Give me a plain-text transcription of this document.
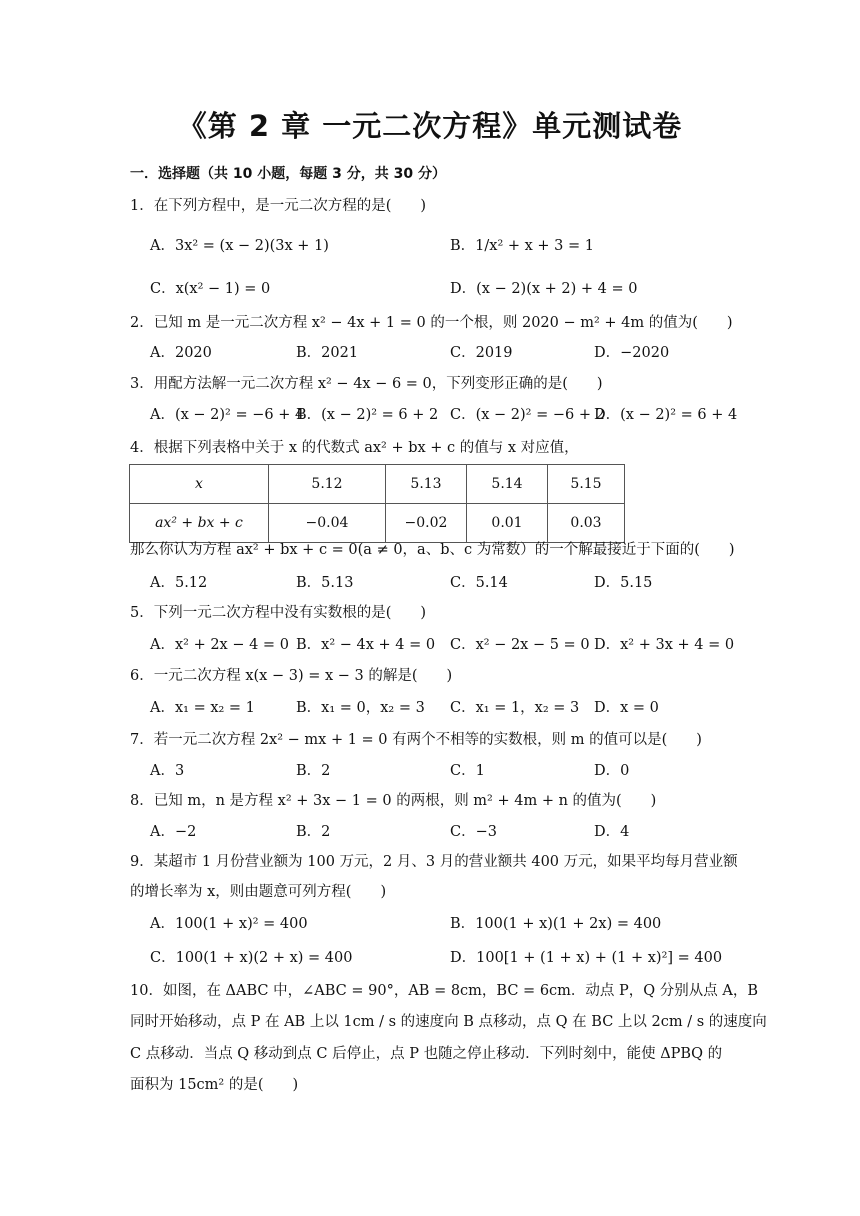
《第 2 章 一元二次方程》单元测试卷
一．选择题（共 10 小题，每题 3 分，共 30 分）
1．在下列方程中，是一元二次方程的是(　　)
A．3x² = (x − 2)(3x + 1)	B．1/x² + x + 3 = 1
C．x(x² − 1) = 0	D．(x − 2)(x + 2) + 4 = 0
2．已知 m 是一元二次方程 x² − 4x + 1 = 0 的一个根，则 2020 − m² + 4m 的值为(　　)
A．2020	B．2021	C．2019	D．−2020
3．用配方法解一元二次方程 x² − 4x − 6 = 0，下列变形正确的是(　　)
A．(x − 2)² = −6 + 4
B．(x − 2)² = 6 + 2 C．(x − 2)² = −6 + 2
D．(x − 2)² = 6 + 4
4．根据下列表格中关于 x 的代数式 ax² + bx + c 的值与 x 对应值，
x	5.12	5.13	5.14	5.15
ax² + bx + c	−0.04	−0.02	0.01	0.03
那么你认为方程 ax² + bx + c = 0(a ≠ 0，a、b、c 为常数）的一个解最接近于下面的(　　)
A．5.12	B．5.13	C．5.14	D．5.15
5．下列一元二次方程中没有实数根的是(　　)
A．x² + 2x − 4 = 0 B．x² − 4x + 4 = 0 C．x² − 2x − 5 = 0 D．x² + 3x + 4 = 0
6．一元二次方程 x(x − 3) = x − 3 的解是(　　)
A．x₁ = x₂ = 1	B．x₁ = 0，x₂ = 3 C．x₁ = 1，x₂ = 3 D．x = 0
7．若一元二次方程 2x² − mx + 1 = 0 有两个不相等的实数根，则 m 的值可以是(　　)
A．3	B．2	C．1	D．0
8．已知 m，n 是方程 x² + 3x − 1 = 0 的两根，则 m² + 4m + n 的值为(　　)
A．−2	B．2	C．−3	D．4
9．某超市 1 月份营业额为 100 万元，2 月、3 月的营业额共 400 万元，如果平均每月营业额
的增长率为 x，则由题意可列方程(　　)
A．100(1 + x)² = 400	B．100(1 + x)(1 + 2x) = 400
C．100(1 + x)(2 + x) = 400	D．100[1 + (1 + x) + (1 + x)²] = 400
10．如图，在 ΔABC 中，∠ABC = 90°，AB = 8cm，BC = 6cm．动点 P，Q 分别从点 A，B
同时开始移动，点 P 在 AB 上以 1cm / s 的速度向 B 点移动，点 Q 在 BC 上以 2cm / s 的速度向
C 点移动．当点 Q 移动到点 C 后停止，点 P 也随之停止移动．下列时刻中，能使 ΔPBQ 的
面积为 15cm² 的是(　　)
